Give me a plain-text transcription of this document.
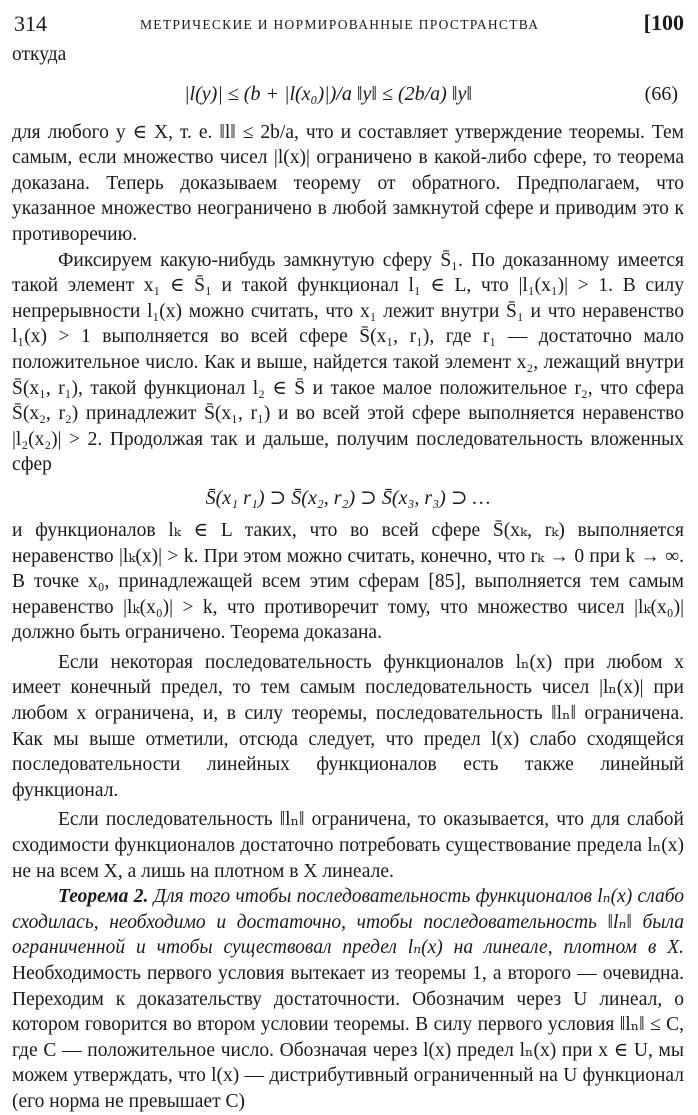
314	МЕТРИЧЕСКИЕ И НОРМИРОВАННЫЕ ПРОСТРАНСТВА	[100

откуда

|l(y)| ≤ (b + |l(x₀)|)/a ‖y‖ ≤ (2b/a) ‖y‖	(66)

для любого y ∈ X, т. е. ‖l‖ ≤ 2b/a, что и составляет утверждение теоремы. Тем самым, если множество чисел |l(x)| ограничено в какой-либо сфере, то теорема доказана. Теперь доказываем теорему от обратного. Предполагаем, что указанное множество неограничено в любой замкнутой сфере и приводим это к противоречию.

Фиксируем какую-нибудь замкнутую сферу S̄₁. По доказанному имеется такой элемент x₁ ∈ S̄₁ и такой функционал l₁ ∈ L, что |l₁(x₁)| > 1. В силу непрерывности l₁(x) можно считать, что x₁ лежит внутри S̄₁ и что неравенство l₁(x) > 1 выполняется во всей сфере S̄(x₁, r₁), где r₁ — достаточно мало положительное число. Как и выше, найдется такой элемент x₂, лежащий внутри S̄(x₁, r₁), такой функционал l₂ ∈ S̄ и такое малое положительное r₂, что сфера S̄(x₂, r₂) принадлежит S̄(x₁, r₁) и во всей этой сфере выполняется неравенство |l₂(x₂)| > 2. Продолжая так и дальше, получим последовательность вложенных сфер

S̄(x₁ r₁) ⊃ S̄(x₂, r₂) ⊃ S̄(x₃, r₃) ⊃ …

и функционалов lₖ ∈ L таких, что во всей сфере S̄(xₖ, rₖ) выполняется неравенство |lₖ(x)| > k. При этом можно считать, конечно, что rₖ → 0 при k → ∞. В точке x₀, принадлежащей всем этим сферам [85], выполняется тем самым неравенство |lₖ(x₀)| > k, что противоречит тому, что множество чисел |lₖ(x₀)| должно быть ограничено. Теорема доказана.

Если некоторая последовательность функционалов lₙ(x) при любом x имеет конечный предел, то тем самым последовательность чисел |lₙ(x)| при любом x ограничена, и, в силу теоремы, последовательность ‖lₙ‖ ограничена. Как мы выше отметили, отсюда следует, что предел l(x) слабо сходящейся последовательности линейных функционалов есть также линейный функционал.

Если последовательность ‖lₙ‖ ограничена, то оказывается, что для слабой сходимости функционалов достаточно потребовать существование предела lₙ(x) не на всем X, а лишь на плотном в X линеале.

Теорема 2. Для того чтобы последовательность функционалов lₙ(x) слабо сходилась, необходимо и достаточно, чтобы последовательность ‖lₙ‖ была ограниченной и чтобы существовал предел lₙ(x) на линеале, плотном в X. Необходимость первого условия вытекает из теоремы 1, а второго — очевидна. Переходим к доказательству достаточности. Обозначим через U линеал, о котором говорится во втором условии теоремы. В силу первого условия ‖lₙ‖ ≤ C, где C — положительное число. Обозначая через l(x) предел lₙ(x) при x ∈ U, мы можем утверждать, что l(x) — дистрибутивный ограниченный на U функционал (его норма не превышает C)
